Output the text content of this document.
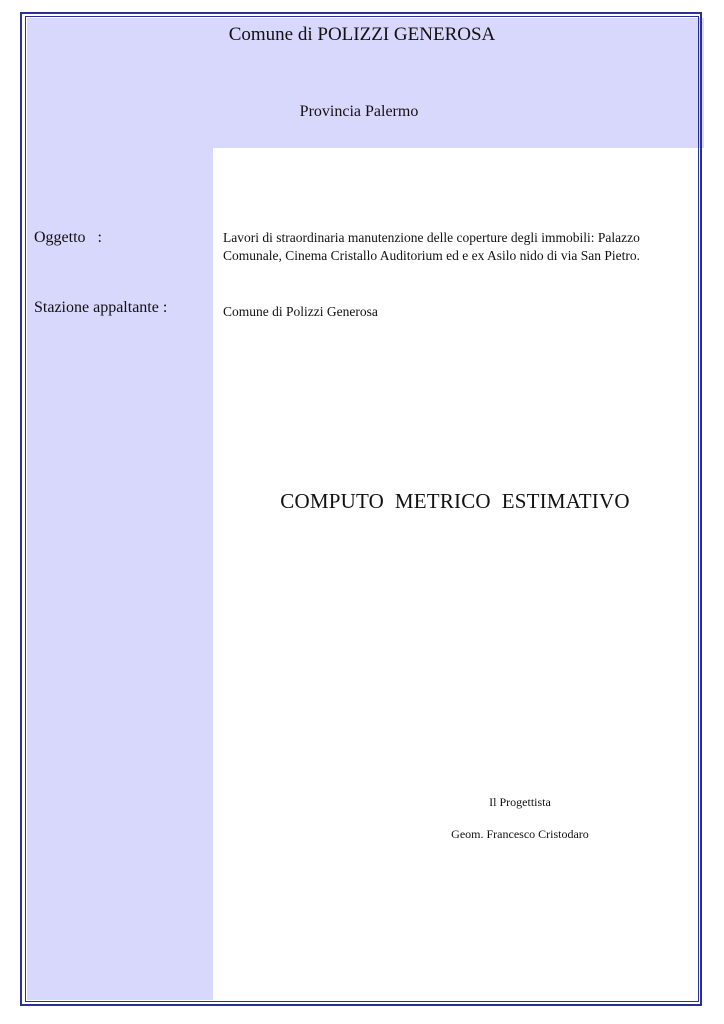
Comune di POLIZZI GENEROSA
Provincia Palermo
Oggetto   :	Lavori di straordinaria manutenzione delle coperture degli immobili: Palazzo Comunale, Cinema Cristallo Auditorium ed e ex Asilo nido di via San Pietro.
Stazione appaltante :	Comune di Polizzi Generosa
COMPUTO  METRICO  ESTIMATIVO
Il Progettista
Geom. Francesco Cristodaro
